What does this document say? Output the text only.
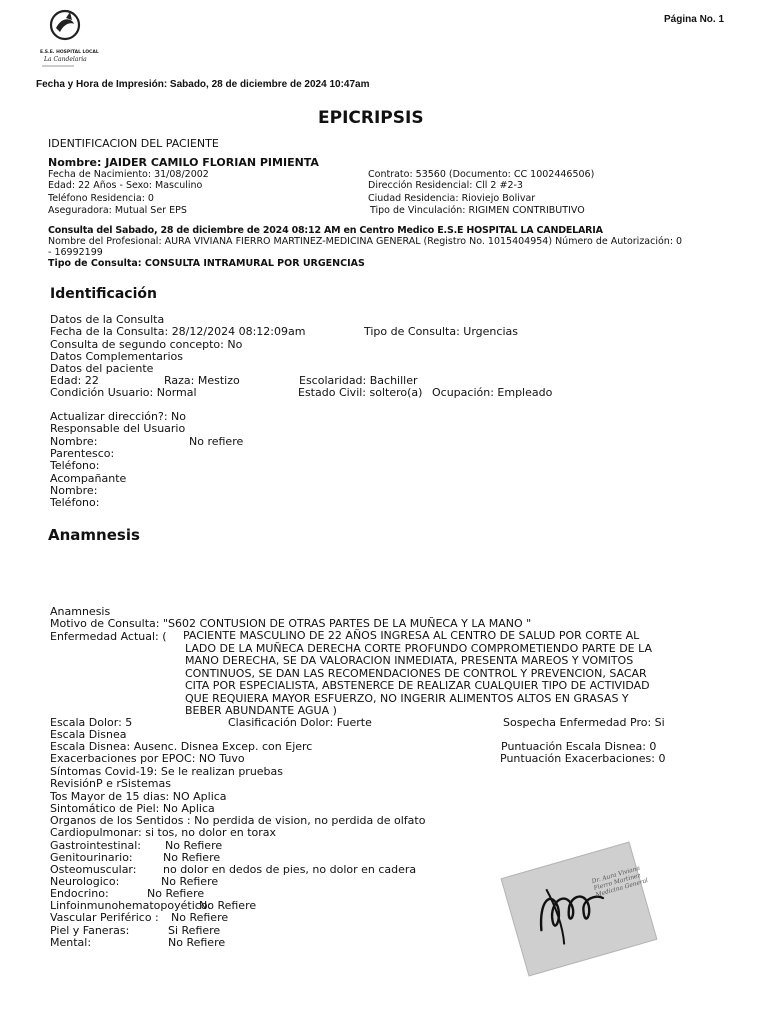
Página No. 1
E.S.E. HOSPITAL LOCAL
La Candelaria
Fecha y Hora de Impresión: Sabado, 28 de diciembre de 2024 10:47am
EPICRIPSIS
IDENTIFICACION DEL PACIENTE
Nombre: JAIDER CAMILO FLORIAN PIMIENTA
Fecha de Nacimiento: 31/08/2002	Contrato: 53560 (Documento: CC 1002446506)
Edad: 22 Años - Sexo: Masculino	Dirección Residencial: Cll 2 #2-3
Teléfono Residencia: 0	Ciudad Residencia: Rioviejo Bolivar
Aseguradora: Mutual Ser EPS	Tipo de Vinculación: RIGIMEN CONTRIBUTIVO
Consulta del Sabado, 28 de diciembre de 2024 08:12 AM en Centro Medico E.S.E HOSPITAL LA CANDELARIA
Nombre del Profesional: AURA VIVIANA FIERRO MARTINEZ-MEDICINA GENERAL (Registro No. 1015404954) Número de Autorización: 0
- 16992199
Tipo de Consulta: CONSULTA INTRAMURAL POR URGENCIAS
Identificación
Datos de la Consulta
Fecha de la Consulta: 28/12/2024 08:12:09am	Tipo de Consulta: Urgencias
Consulta de segundo concepto: No
Datos Complementarios
Datos del paciente
Edad: 22	Raza: Mestizo	Escolaridad: Bachiller
Condición Usuario: Normal	Estado Civil: soltero(a) Ocupación: Empleado
Actualizar dirección?: No
Responsable del Usuario
Nombre:	No refiere
Parentesco:
Teléfono:
Acompañante
Nombre:
Teléfono:
Anamnesis
Anamnesis
Motivo de Consulta: "S602 CONTUSION DE OTRAS PARTES DE LA MUÑECA Y LA MANO "
Enfermedad Actual: ( PACIENTE MASCULINO DE 22 AÑOS INGRESA AL CENTRO DE SALUD POR CORTE AL
LADO DE LA MUÑECA DERECHA CORTE PROFUNDO COMPROMETIENDO PARTE DE LA
MANO DERECHA, SE DA VALORACION INMEDIATA, PRESENTA MAREOS Y VOMITOS
CONTINUOS, SE DAN LAS RECOMENDACIONES DE CONTROL Y PREVENCION, SACAR
CITA POR ESPECIALISTA, ABSTENERCE DE REALIZAR CUALQUIER TIPO DE ACTIVIDAD
QUE REQUIERA MAYOR ESFUERZO, NO INGERIR ALIMENTOS ALTOS EN GRASAS Y
BEBER ABUNDANTE AGUA )
Escala Dolor: 5	Clasificación Dolor: Fuerte	Sospecha Enfermedad Pro: Si
Escala Disnea
Escala Disnea: Ausenc. Disnea Excep. con Ejerc	Puntuación Escala Disnea: 0
Exacerbaciones por EPOC: NO Tuvo	Puntuación Exacerbaciones: 0
Síntomas Covid-19: Se le realizan pruebas
RevisiónP e rSistemas
Tos Mayor de 15 dias: NO Aplica
Sintomático de Piel: No Aplica
Organos de los Sentidos : No perdida de vision, no perdida de olfato
Cardiopulmonar: si tos, no dolor en torax
Gastrointestinal: No Refiere
Genitourinario:	No Refiere
Osteomuscular: no dolor en dedos de pies, no dolor en cadera
Neurologico:	No Refiere
Endocrino:	No Refiere
Linfoinmunohematopoyético:
No Refiere
Vascular Periférico : No Refiere
Piel y Faneras:	Si Refiere
Mental:	No Refiere
Dr. Aura Viviana Fierro Martinez Medicina General
